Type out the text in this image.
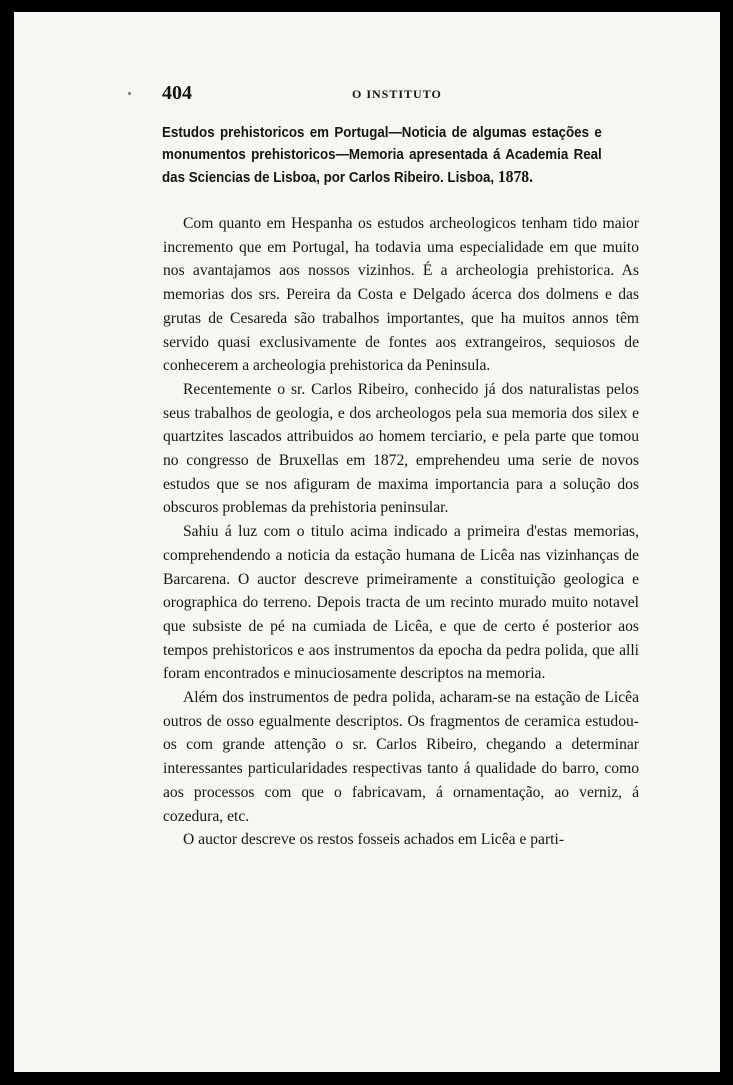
404	O INSTITUTO
Estudos prehistoricos em Portugal—Noticia de algumas estações e monumentos prehistoricos—Memoria apresentada á Academia Real das Sciencias de Lisboa, por Carlos Ribeiro. Lisboa, 1878.

Com quanto em Hespanha os estudos archeologicos tenham tido maior incremento que em Portugal, ha todavia uma especialidade em que muito nos avantajamos aos nossos vizinhos. É a archeologia prehistorica. As memorias dos srs. Pereira da Costa e Delgado ácerca dos dolmens e das grutas de Cesareda são trabalhos importantes, que ha muitos annos têm servido quasi exclusivamente de fontes aos extrangeiros, sequiosos de conhecerem a archeologia prehistorica da Peninsula.

Recentemente o sr. Carlos Ribeiro, conhecido já dos naturalistas pelos seus trabalhos de geologia, e dos archeologos pela sua memoria dos silex e quartzites lascados attribuidos ao homem terciario, e pela parte que tomou no congresso de Bruxellas em 1872, emprehendeu uma serie de novos estudos que se nos afiguram de maxima importancia para a solução dos obscuros problemas da prehistoria peninsular.

Sahiu á luz com o titulo acima indicado a primeira d'estas memorias, comprehendendo a noticia da estação humana de Licêa nas vizinhanças de Barcarena. O auctor descreve primeiramente a constituição geologica e orographica do terreno. Depois tracta de um recinto murado muito notavel que subsiste de pé na cumiada de Licêa, e que de certo é posterior aos tempos prehistoricos e aos instrumentos da epocha da pedra polida, que alli foram encontrados e minuciosamente descriptos na memoria.

Além dos instrumentos de pedra polida, acharam-se na estação de Licêa outros de osso egualmente descriptos. Os fragmentos de ceramica estudou-os com grande attenção o sr. Carlos Ribeiro, chegando a determinar interessantes particularidades respectivas tanto á qualidade do barro, como aos processos com que o fabricavam, á ornamentação, ao verniz, á cozedura, etc.

O auctor descreve os restos fosseis achados em Licêa e parti-
